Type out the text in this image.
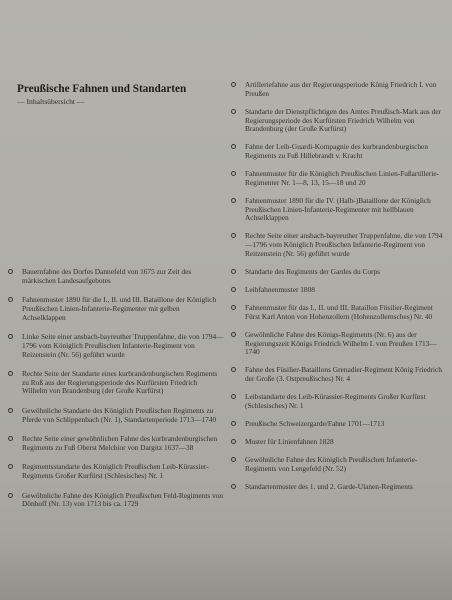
Preußische Fahnen und Standarten
— Inhaltsübersicht —
Bauernfahne des Dorfes Dannefeld von 1675 zur Zeit des märkischen Landesaufgebotes
Fahnenmuster 1890 für die I., II. und III. Bataillone der Königlich Preußischen Linien-Infanterie-Regimenter mit gelben Achselklappen
Linke Seite einer ansbach-bayreuther Truppenfahne, die von 1794—1796 vom Königlich Preußischen Infanterie-Regiment von Reizenstein (Nr. 56) geführt wurde
Rechte Seite der Standarte eines kurbrandenburgischen Regiments zu Roß aus der Regierungsperiode des Kurfürsten Friedrich Wilhelm von Brandenburg (der Große Kurfürst)
Gewöhnliche Standarte des Königlich Preußischen Regiments zu Pferde von Schlippenbach (Nr. 1), Standartenperiode 1713—1740
Rechte Seite einer gewöhnlichen Fahne des kurbrandenburgischen Regiments zu Fuß Oberst Melchior von Dargitz 1637—38
Regimentsstandarte des Königlich Preußischen Leib-Kürassier-Regiments Großer Kurfürst (Schlesisches) Nr. 1
Gewöhnliche Fahne des Königlich Preußischen Feld-Regiments von Dönhoff (Nr. 13) von 1713 bis ca. 1729
Artilleriefahne aus der Regierungsperiode König Friedrich I. von Preußen
Standarte der Dienstpflichtigen des Amtes Preußisch-Mark aus der Regierungsperiode des Kurfürsten Friedrich Wilhelm von Brandenburg (der Große Kurfürst)
Fahne der Leib-Guardi-Kompagnie des kurbrandenburgischen Regiments zu Fuß Hillebrandt v. Kracht
Fahnenmuster für die Königlich Preußischen Linien-Fußartillerie-Regimenter Nr. 1—8, 13, 15—18 und 20
Fahnenmuster 1890 für die IV. (Halb-)Bataillone der Königlich Preußischen Linien-Infanterie-Regimenter mit hellblauen Achselklappen
Rechte Seite einer ansbach-bayreuther Truppenfahne, die von 1794—1796 vom Königlich Preußischen Infanterie-Regiment von Reitzenstein (Nr. 56) geführt wurde
Standarte des Regiments der Gardes du Corps
Leibfahnenmuster 1808
Fahnenmuster für das I., II. und III. Bataillon Füsilier-Regiment Fürst Karl Anton von Hohenzollern (Hohenzollernsches) Nr. 40
Gewöhnliche Fahne des Königs-Regiments (Nr. 6) aus der Regierungszeit Königs Friedrich Wilhelm I. von Preußen 1713—1740
Fahne des Füsilier-Bataillons Grenadier-Regiment König Friedrich der Große (3. Ostpreußisches) Nr. 4
Leibstandarte des Leib-Kürassier-Regiments Großer Kurfürst (Schlesisches) Nr. 1
Preußische Schweizergarde/Fahne 1701—1713
Muster für Linienfahnen 1828
Gewöhnliche Fahne des Königlich Preußischen Infanterie-Regiments von Lengefeld (Nr. 52)
Standartenmuster des 1. und 2. Garde-Ulanen-Regiments
